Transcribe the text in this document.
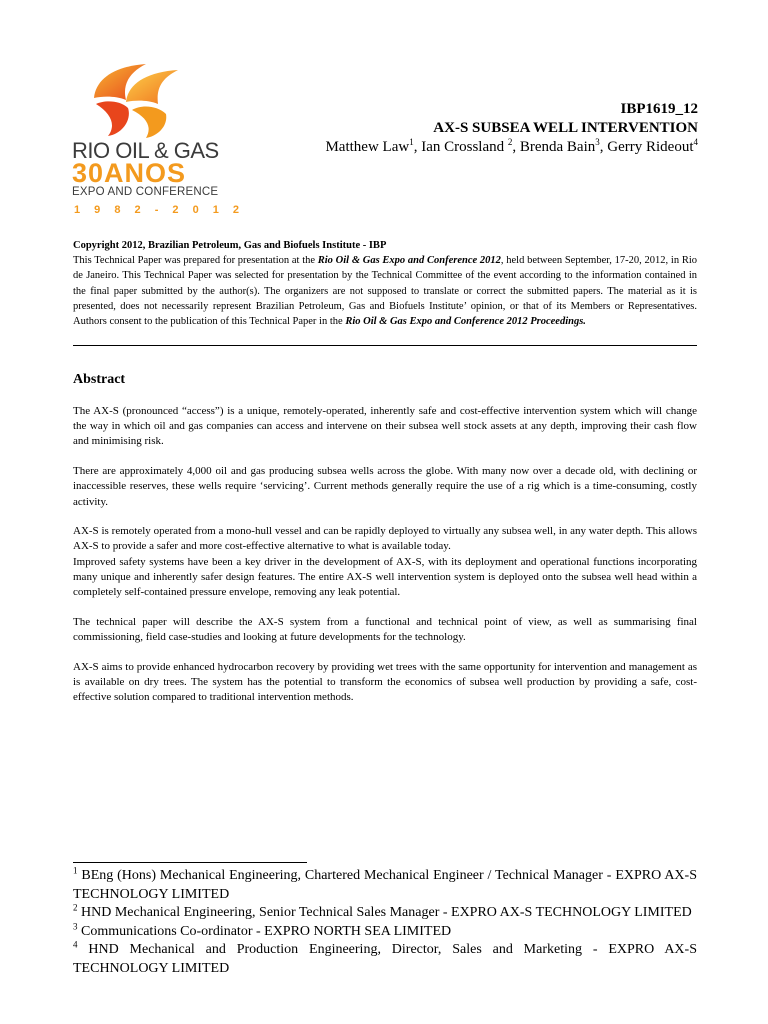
RIO OIL & GAS
30ANOS
EXPO AND CONFERENCE
1 9 8 2 - 2 0 1 2
IBP1619_12
AX-S SUBSEA WELL INTERVENTION
Matthew Law$^1$, Ian Crossland $^2$, Brenda Bain$^3$, Gerry Rideout$^4$
Copyright 2012, Brazilian Petroleum, Gas and Biofuels Institute - IBP
This Technical Paper was prepared for presentation at the Rio Oil & Gas Expo and Conference 2012, held between September, 17-20, 2012, in Rio de Janeiro. This Technical Paper was selected for presentation by the Technical Committee of the event according to the information contained in the final paper submitted by the author(s). The organizers are not supposed to translate or correct the submitted papers. The material as it is presented, does not necessarily represent Brazilian Petroleum, Gas and Biofuels Institute’ opinion, or that of its Members or Representatives. Authors consent to the publication of this Technical Paper in the Rio Oil & Gas Expo and Conference 2012 Proceedings.
Abstract

The AX-S (pronounced “access”) is a unique, remotely-operated, inherently safe and cost-effective intervention system which will change the way in which oil and gas companies can access and intervene on their subsea well stock assets at any depth, improving their cash flow and minimising risk.

There are approximately 4,000 oil and gas producing subsea wells across the globe. With many now over a decade old, with declining or inaccessible reserves, these wells require ‘servicing’. Current methods generally require the use of a rig which is a time-consuming, costly activity.

AX-S is remotely operated from a mono-hull vessel and can be rapidly deployed to virtually any subsea well, in any water depth. This allows AX-S to provide a safer and more cost-effective alternative to what is available today.

Improved safety systems have been a key driver in the development of AX-S, with its deployment and operational functions incorporating many unique and inherently safer design features. The entire AX-S well intervention system is deployed onto the subsea well head within a completely self-contained pressure envelope, removing any leak potential.

The technical paper will describe the AX-S system from a functional and technical point of view, as well as summarising final commissioning, field case-studies and looking at future developments for the technology.

AX-S aims to provide enhanced hydrocarbon recovery by providing wet trees with the same opportunity for intervention and management as is available on dry trees. The system has the potential to transform the economics of subsea well production by providing a safe, cost-effective solution compared to traditional intervention methods.

$^1$ BEng (Hons) Mechanical Engineering, Chartered Mechanical Engineer / Technical Manager - EXPRO AX-S TECHNOLOGY LIMITED

$^2$ HND Mechanical Engineering, Senior Technical Sales Manager - EXPRO AX-S TECHNOLOGY LIMITED

$^3$ Communications Co-ordinator - EXPRO NORTH SEA LIMITED

$^4$ HND Mechanical and Production Engineering, Director, Sales and Marketing - EXPRO AX-S TECHNOLOGY LIMITED
